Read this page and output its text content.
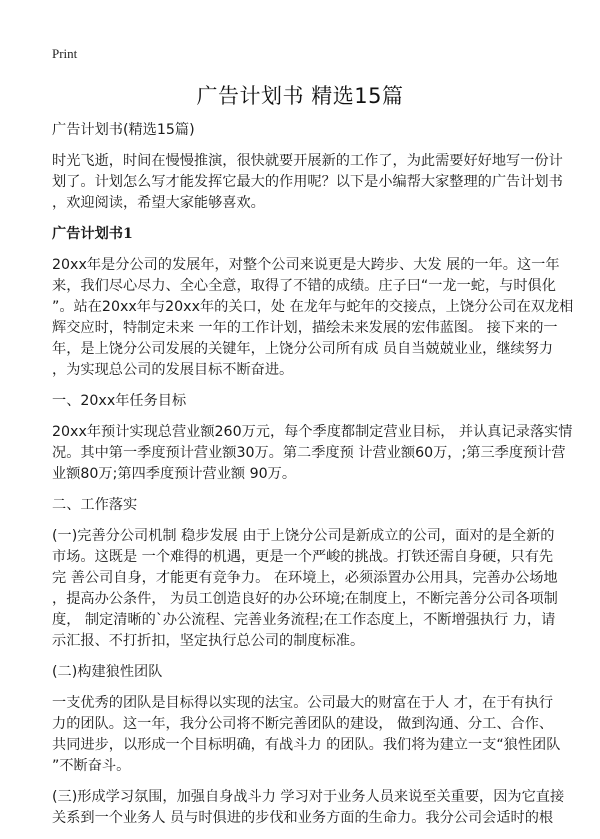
Print
广告计划书 精选15篇
广告计划书(精选15篇)
时光飞逝，时间在慢慢推演，很快就要开展新的工作了，为此需要好好地写一份计
划了。计划怎么写才能发挥它最大的作用呢？以下是小编帮大家整理的广告计划书
，欢迎阅读，希望大家能够喜欢。
广告计划书1
20xx年是分公司的发展年，对整个公司来说更是大跨步、大发 展的一年。这一年
来，我们尽心尽力、全心全意，取得了不错的成绩。庄子曰“一龙一蛇，与时俱化
”。站在20xx年与20xx年的关口，处 在龙年与蛇年的交接点，上饶分公司在双龙相
辉交应时，特制定未来 一年的工作计划，描绘未来发展的宏伟蓝图。 接下来的一
年，是上饶分公司发展的关键年，上饶分公司所有成 员自当兢兢业业，继续努力
，为实现总公司的发展目标不断奋进。
一、20xx年任务目标
20xx年预计实现总营业额260万元，每个季度都制定营业目标， 并认真记录落实情
况。其中第一季度预计营业额30万。第二季度预 计营业额60万，;第三季度预计营
业额80万;第四季度预计营业额 90万。
二、工作落实
(一)完善分公司机制 稳步发展 由于上饶分公司是新成立的公司，面对的是全新的
市场。这既是 一个难得的机遇，更是一个严峻的挑战。打铁还需自身硬，只有先
完 善公司自身，才能更有竞争力。 在环境上，必须添置办公用具，完善办公场地
，提高办公条件， 为员工创造良好的办公环境;在制度上，不断完善分公司各项制
度， 制定清晰的`办公流程、完善业务流程;在工作态度上，不断增强执行 力，请
示汇报、不打折扣，坚定执行总公司的制度标准。
(二)构建狼性团队
一支优秀的团队是目标得以实现的法宝。公司最大的财富在于人 才，在于有执行
力的团队。这一年，我分公司将不断完善团队的建设， 做到沟通、分工、合作、
共同进步，以形成一个目标明确，有战斗力 的团队。我们将为建立一支“狼性团队
”不断奋斗。
(三)形成学习氛围，加强自身战斗力 学习对于业务人员来说至关重要，因为它直接
关系到一个业务人 员与时俱进的步伐和业务方面的生命力。我分公司会适时的根
